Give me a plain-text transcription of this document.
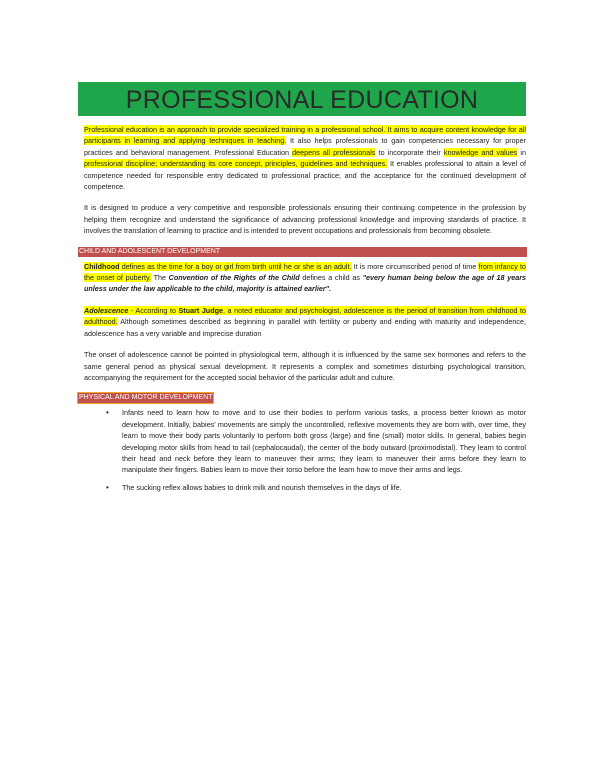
PROFESSIONAL EDUCATION

Professional education is an approach to provide specialized training in a professional school. It aims to acquire content knowledge for all participants in learning and applying techniques in teaching. It also helps professionals to gain competencies necessary for proper practices and behavioral management. Professional Education deepens all professionals to incorporate their knowledge and values in professional discipline; understanding its core concept, principles, guidelines and techniques. It enables professional to attain a level of competence needed for responsible entry dedicated to professional practice; and the acceptance for the continued development of competence.

It is designed to produce a very competitive and responsible professionals ensuring their continuing competence in the profession by helping them recognize and understand the significance of advancing professional knowledge and improving standards of practice. It involves the translation of learning to practice and is intended to prevent occupations and professionals from becoming obsolete.

CHILD AND ADOLESCENT DEVELOPMENT

Childhood defines as the time for a boy or girl from birth until he or she is an adult. It is more circumscribed period of time from infancy to the onset of puberty. The Convention of the Rights of the Child defines a child as "every human being below the age of 18 years unless under the law applicable to the child, majority is attained earlier".

Adolescence - According to Stuart Judge, a noted educator and psychologist, adolescence is the period of transition from childhood to adulthood. Although sometimes described as beginning in parallel with fertility or puberty and ending with maturity and independence, adolescence has a very variable and imprecise duration

The onset of adolescence cannot be pointed in physiological term, although it is influenced by the same sex hormones and refers to the same general period as physical sexual development. It represents a complex and sometimes disturbing psychological transition, accompanying the requirement for the accepted social behavior of the particular adult and culture.

PHYSICAL AND MOTOR DEVELOPMENT
• Infants need to learn how to move and to use their bodies to perform various tasks, a process better known as motor development. Initially, babies' movements are simply the uncontrolled, reflexive movements they are born with, over time, they learn to move their body parts voluntarily to perform both gross (large) and fine (small) motor skills. In general, babies begin developing motor skills from head to tail (cephalocaudal), the center of the body outward (proximodistal). They learn to control their head and neck before they learn to maneuver their arms; they learn to maneuver their arms before they learn to manipulate their fingers. Babies learn to move their torso before the learn how to move their arms and legs.
• The sucking reflex allows babies to drink milk and nourish themselves in the days of life.
